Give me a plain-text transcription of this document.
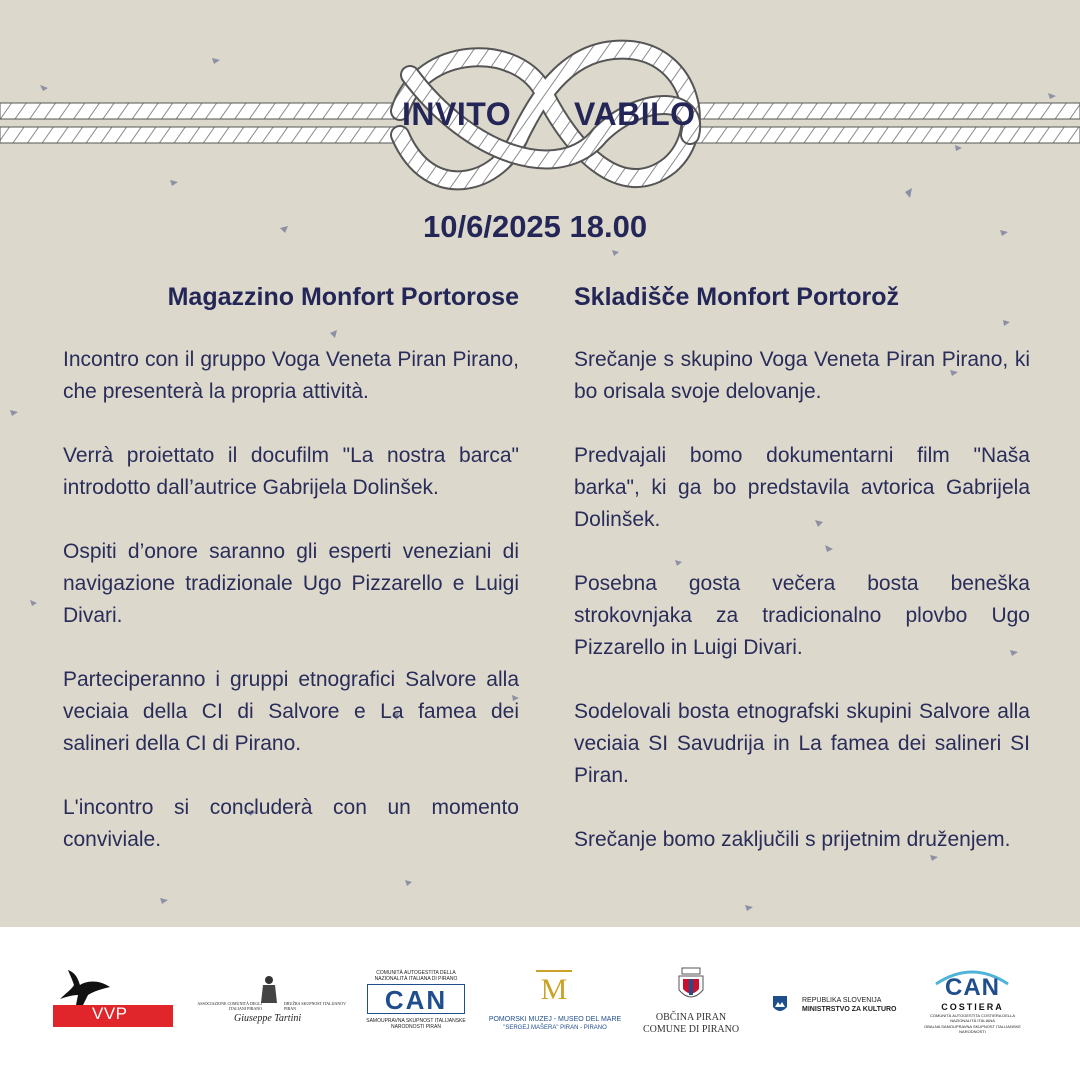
INVITO VABILO
10/6/2025 18.00
Magazzino Monfort Portorose

Incontro con il gruppo Voga Veneta Piran Pirano, che presenterà la propria attività.

Verrà proiettato il docufilm "La nostra barca" introdotto dall’autrice Gabrijela Dolinšek.

Ospiti d’onore saranno gli esperti veneziani di navigazione tradizionale Ugo Pizzarello e Luigi Divari.

Parteciperanno i gruppi etnografici Salvore alla veciaia della CI di Salvore e La famea dei salineri della CI di Pirano.

L'incontro si concluderà con un momento conviviale.

Skladišče Monfort Portorož

Srečanje s skupino Voga Veneta Piran Pirano, ki bo orisala svoje delovanje.

Predvajali bomo dokumentarni film "Naša barka", ki ga bo predstavila avtorica Gabrijela Dolinšek.

Posebna gosta večera bosta beneška strokovnjaka za tradicionalno plovbo Ugo Pizzarello in Luigi Divari.

Sodelovali bosta etnografski skupini Salvore alla veciaia SI Savudrija in La famea dei salineri SI Piran.

Srečanje bomo zaključili s prijetnim druženjem.

VVP
ASSOCIAZIONE COMUNITÀ DEGLI ITALIANI PIRANO
DRUŽBA SKUPNOST ITALIJANOV PIRAN
Giuseppe Tartini
COMUNITÀ AUTOGESTITA DELLA NAZIONALITÀ ITALIANA DI PIRANO
CAN
SAMOUPRAVNA SKUPNOST ITALIJANSKE NARODNOSTI PIRAN
M
POMORSKI MUZEJ - MUSEO DEL MARE
"SERGEJ MAŠERA" PIRAN - PIRANO
OBČINA PIRAN
COMUNE DI PIRANO
REPUBLIKA SLOVENIJA
MINISTRSTVO ZA KULTURO
CAN
COSTIERA
COMUNITÀ AUTOGESTITA COSTIERA DELLA NAZIONALITÀ ITALIANA
OBALNA SAMOUPRAVNA SKUPNOST ITALIJANSKE NARODNOSTI
